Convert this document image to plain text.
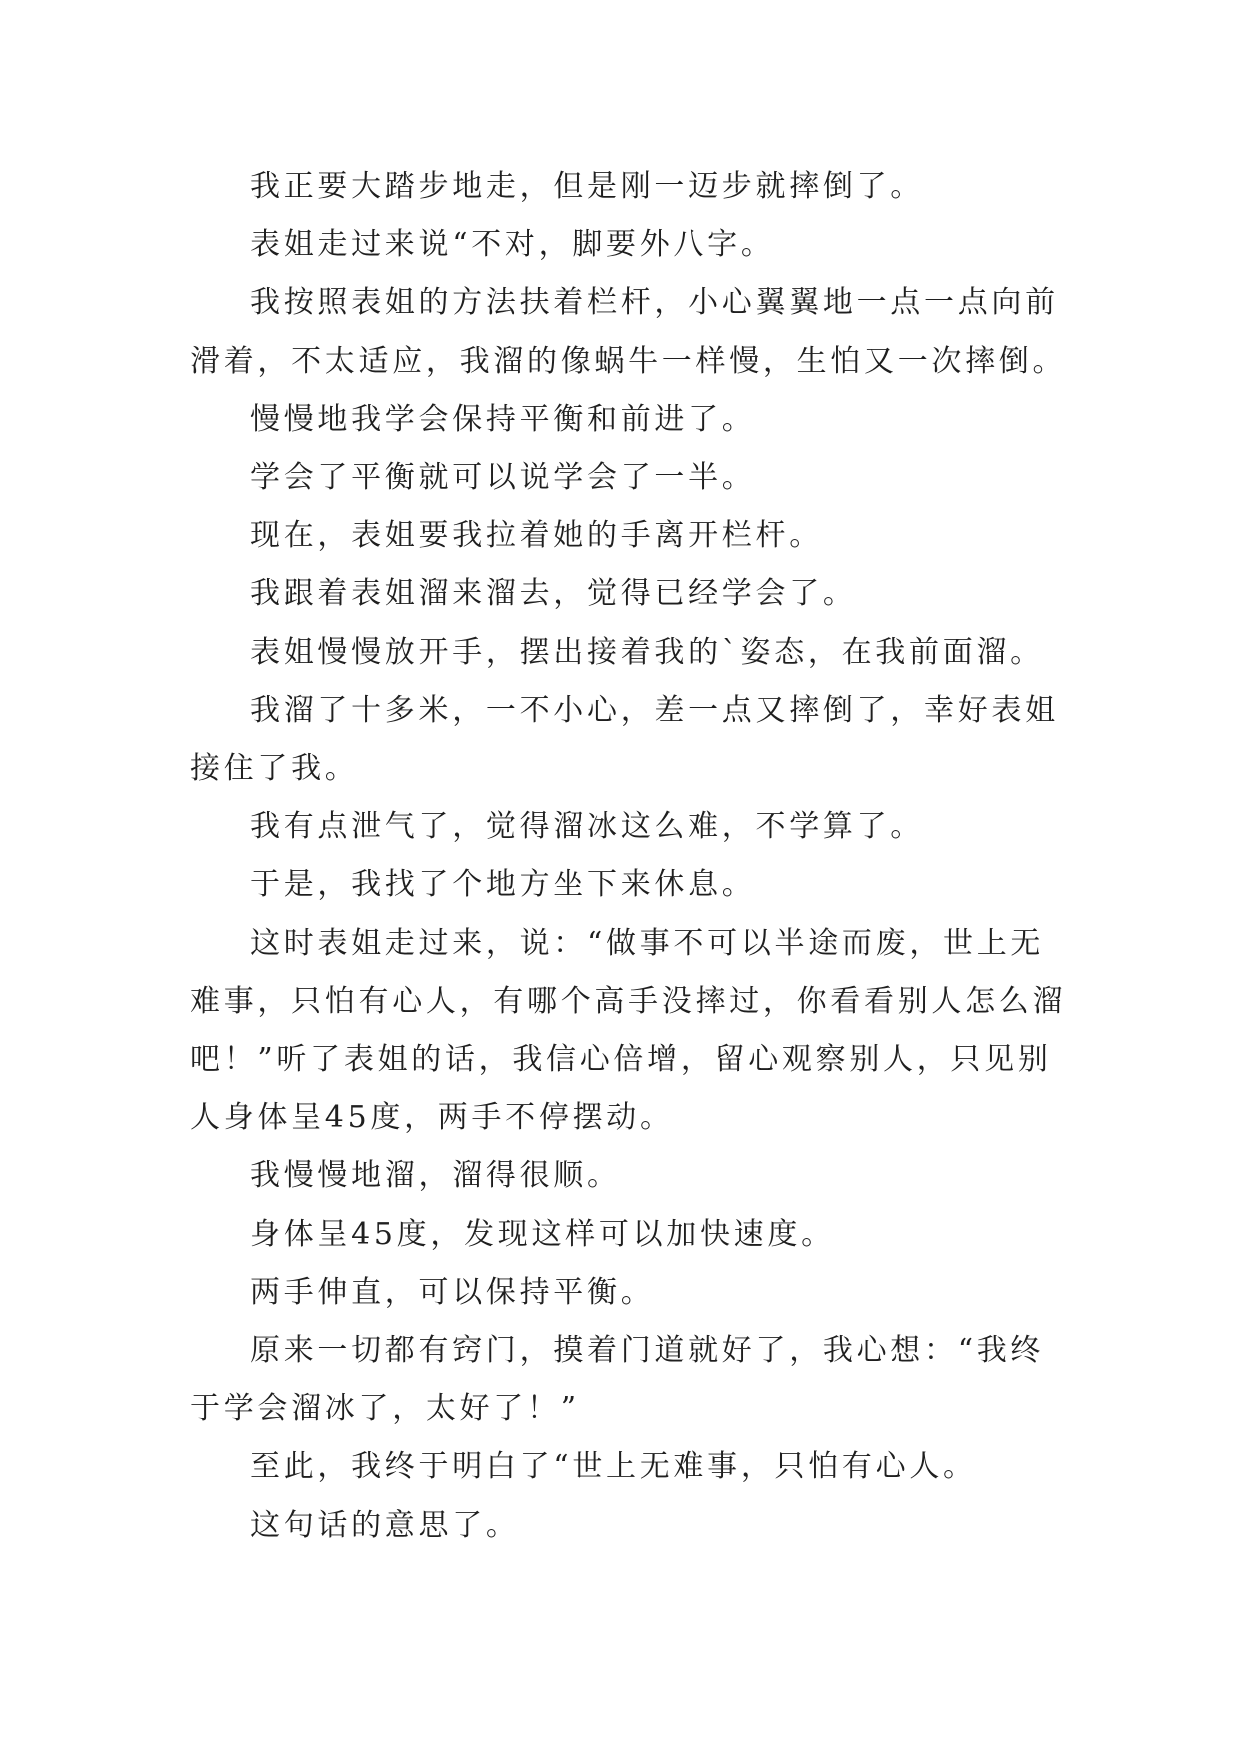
我正要大踏步地走，但是刚一迈步就摔倒了。

表姐走过来说“不对，脚要外八字。

我按照表姐的方法扶着栏杆，小心翼翼地一点一点向前滑着，不太适应，我溜的像蜗牛一样慢，生怕又一次摔倒。

慢慢地我学会保持平衡和前进了。

学会了平衡就可以说学会了一半。

现在，表姐要我拉着她的手离开栏杆。

我跟着表姐溜来溜去，觉得已经学会了。

表姐慢慢放开手，摆出接着我的`姿态，在我前面溜。

我溜了十多米，一不小心，差一点又摔倒了，幸好表姐接住了我。

我有点泄气了，觉得溜冰这么难，不学算了。

于是，我找了个地方坐下来休息。

这时表姐走过来，说：“做事不可以半途而废，世上无难事，只怕有心人，有哪个高手没摔过，你看看别人怎么溜吧！”听了表姐的话，我信心倍增，留心观察别人，只见别人身体呈45度，两手不停摆动。

我慢慢地溜，溜得很顺。

身体呈45度，发现这样可以加快速度。

两手伸直，可以保持平衡。

原来一切都有窍门，摸着门道就好了，我心想：“我终于学会溜冰了，太好了！”

至此，我终于明白了“世上无难事，只怕有心人。

这句话的意思了。
